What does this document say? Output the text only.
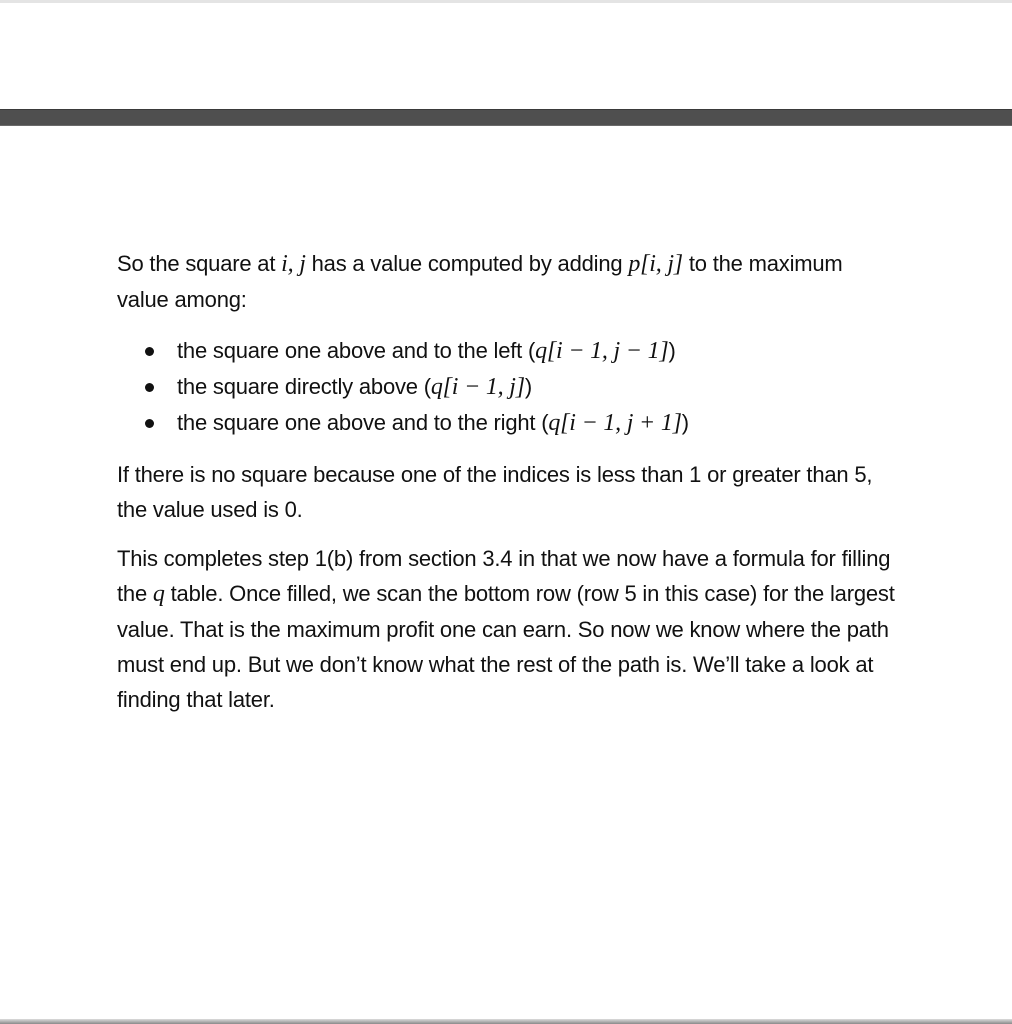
So the square at i, j has a value computed by adding p[i, j] to the maximum value among:

the square one above and to the left (q[i − 1, j − 1])
the square directly above (q[i − 1, j])
the square one above and to the right (q[i − 1, j + 1])

If there is no square because one of the indices is less than 1 or greater than 5, the value used is 0.

This completes step 1(b) from section 3.4 in that we now have a formula for filling the q table. Once filled, we scan the bottom row (row 5 in this case) for the largest value. That is the maximum profit one can earn. So now we know where the path must end up. But we don’t know what the rest of the path is. We’ll take a look at finding that later.
